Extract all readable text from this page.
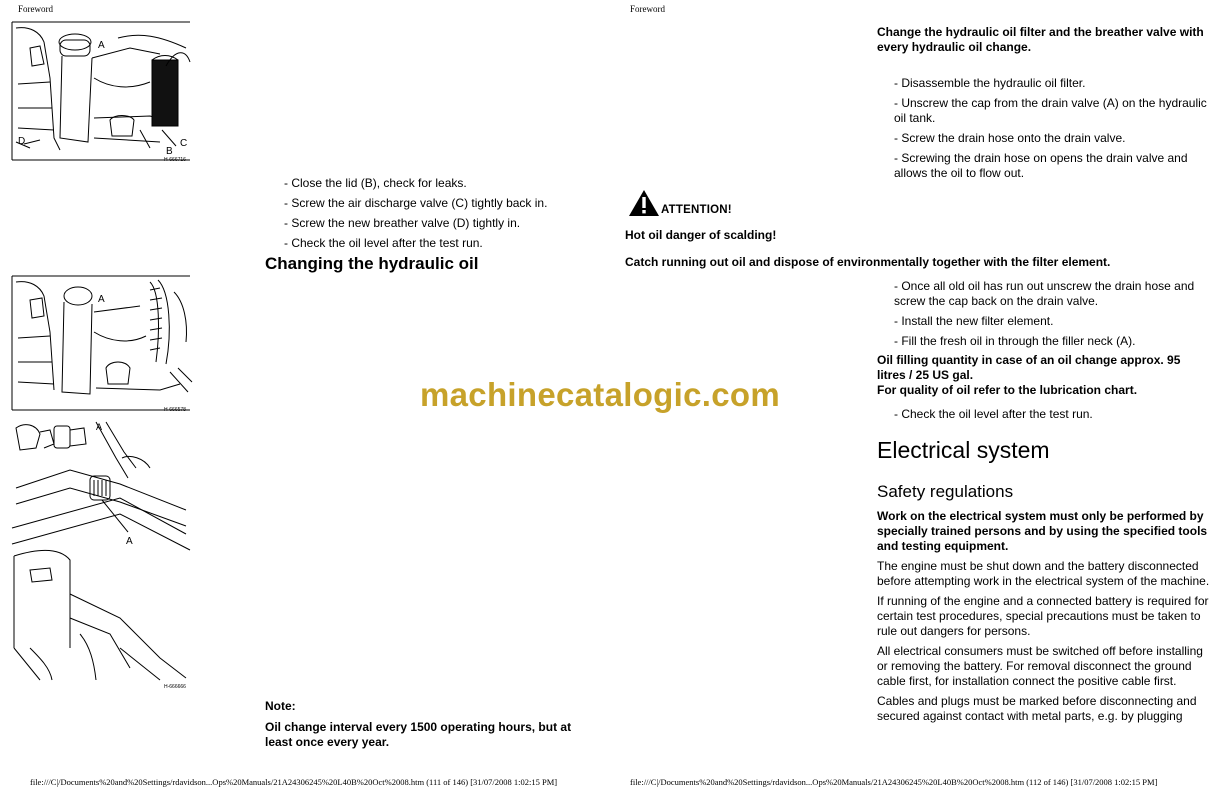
Foreword
A
D
B
C
H-666716
- Close the lid (B), check for leaks.
- Screw the air discharge valve (C) tightly back in.
- Screw the new breather valve (D) tightly in.
- Check the oil level after the test run.
Changing the hydraulic oil
A
H-666578
A
A
H-666666
Note:
Oil change interval every 1500 operating hours, but at least once every year.
file:///C|/Documents%20and%20Settings/rdavidson...Ops%20Manuals/21A24306245%20L40B%20Oct%2008.htm (111 of 146) [31/07/2008 1:02:15 PM]
Foreword
Change the hydraulic oil filter and the breather valve with every hydraulic oil change.
- Disassemble the hydraulic oil filter.
- Unscrew the cap from the drain valve (A) on the hydraulic oil tank.
- Screw the drain hose onto the drain valve.
- Screwing the drain hose on opens the drain valve and allows the oil to flow out.
ATTENTION!
Hot oil danger of scalding!
Catch running out oil and dispose of environmentally together with the filter element.
- Once all old oil has run out unscrew the drain hose and screw the cap back on the drain valve.
- Install the new filter element.
- Fill the fresh oil in through the filler neck (A).
Oil filling quantity in case of an oil change approx. 95 litres / 25 US gal.
For quality of oil refer to the lubrication chart.
- Check the oil level after the test run.
Electrical system
Safety regulations
Work on the electrical system must only be performed by specially trained persons and by using the specified tools and testing equipment.
The engine must be shut down and the battery disconnected before attempting work in the electrical system of the machine.
If running of the engine and a connected battery is required for certain test procedures, special precautions must be taken to rule out dangers for persons.
All electrical consumers must be switched off before installing or removing the battery. For removal disconnect the ground cable first, for installation connect the positive cable first.
Cables and plugs must be marked before disconnecting and secured against contact with metal parts, e.g. by plugging
file:///C|/Documents%20and%20Settings/rdavidson...Ops%20Manuals/21A24306245%20L40B%20Oct%2008.htm (112 of 146) [31/07/2008 1:02:15 PM]
machinecatalogic.com
